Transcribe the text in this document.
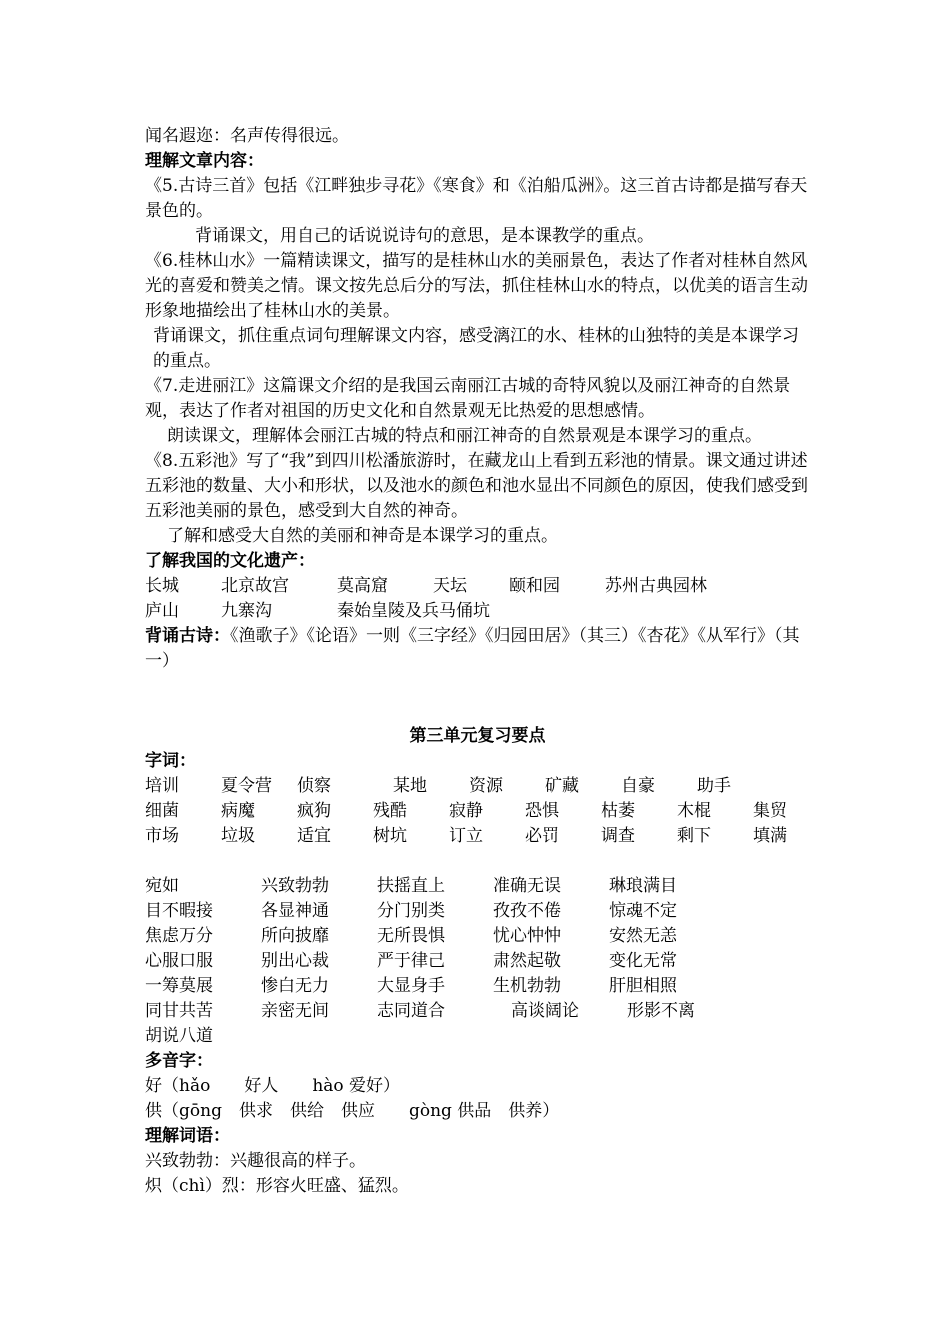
闻名遐迩：名声传得很远。
理解文章内容：
《5.古诗三首》包括《江畔独步寻花》《寒食》和《泊船瓜洲》。这三首古诗都是描写春天景色的。
背诵课文，用自己的话说说诗句的意思，是本课教学的重点。
《6.桂林山水》一篇精读课文，描写的是桂林山水的美丽景色，表达了作者对桂林自然风光的喜爱和赞美之情。课文按先总后分的写法，抓住桂林山水的特点，以优美的语言生动形象地描绘出了桂林山水的美景。
背诵课文，抓住重点词句理解课文内容，感受漓江的水、桂林的山独特的美是本课学习的重点。
《7.走进丽江》这篇课文介绍的是我国云南丽江古城的奇特风貌以及丽江神奇的自然景观，表达了作者对祖国的历史文化和自然景观无比热爱的思想感情。
朗读课文，理解体会丽江古城的特点和丽江神奇的自然景观是本课学习的重点。
《8.五彩池》写了“我”到四川松潘旅游时，在藏龙山上看到五彩池的情景。课文通过讲述五彩池的数量、大小和形状，以及池水的颜色和池水显出不同颜色的原因，使我们感受到五彩池美丽的景色，感受到大自然的神奇。
了解和感受大自然的美丽和神奇是本课学习的重点。
了解我国的文化遗产：
长城	北京故宫	莫高窟	天坛	颐和园	苏州古典园林
庐山	九寨沟	秦始皇陵及兵马俑坑
背诵古诗：《渔歌子》《论语》一则《三字经》《归园田居》（其三）《杏花》《从军行》（其一）
第三单元复习要点
字词：
培训	夏令营	侦察	某地	资源	矿藏	自豪	助手
细菌	病魔	疯狗	残酷	寂静	恐惧	枯萎	木棍	集贸
市场	垃圾	适宜	树坑	订立	必罚	调查	剩下	填满
宛如	兴致勃勃	扶摇直上	准确无误	琳琅满目
目不暇接	各显神通	分门别类	孜孜不倦	惊魂不定
焦虑万分	所向披靡	无所畏惧	忧心忡忡	安然无恙
心服口服	别出心裁	严于律己	肃然起敬	变化无常
一筹莫展	惨白无力	大显身手	生机勃勃	肝胆相照
同甘共苦	亲密无间	志同道合	高谈阔论	形影不离
胡说八道
多音字：
好（hǎo　　好人　　hào 爱好）
供（gōng　供求　供给　供应　　gòng 供品　供养）
理解词语：
兴致勃勃：兴趣很高的样子。
炽（chì）烈：形容火旺盛、猛烈。
